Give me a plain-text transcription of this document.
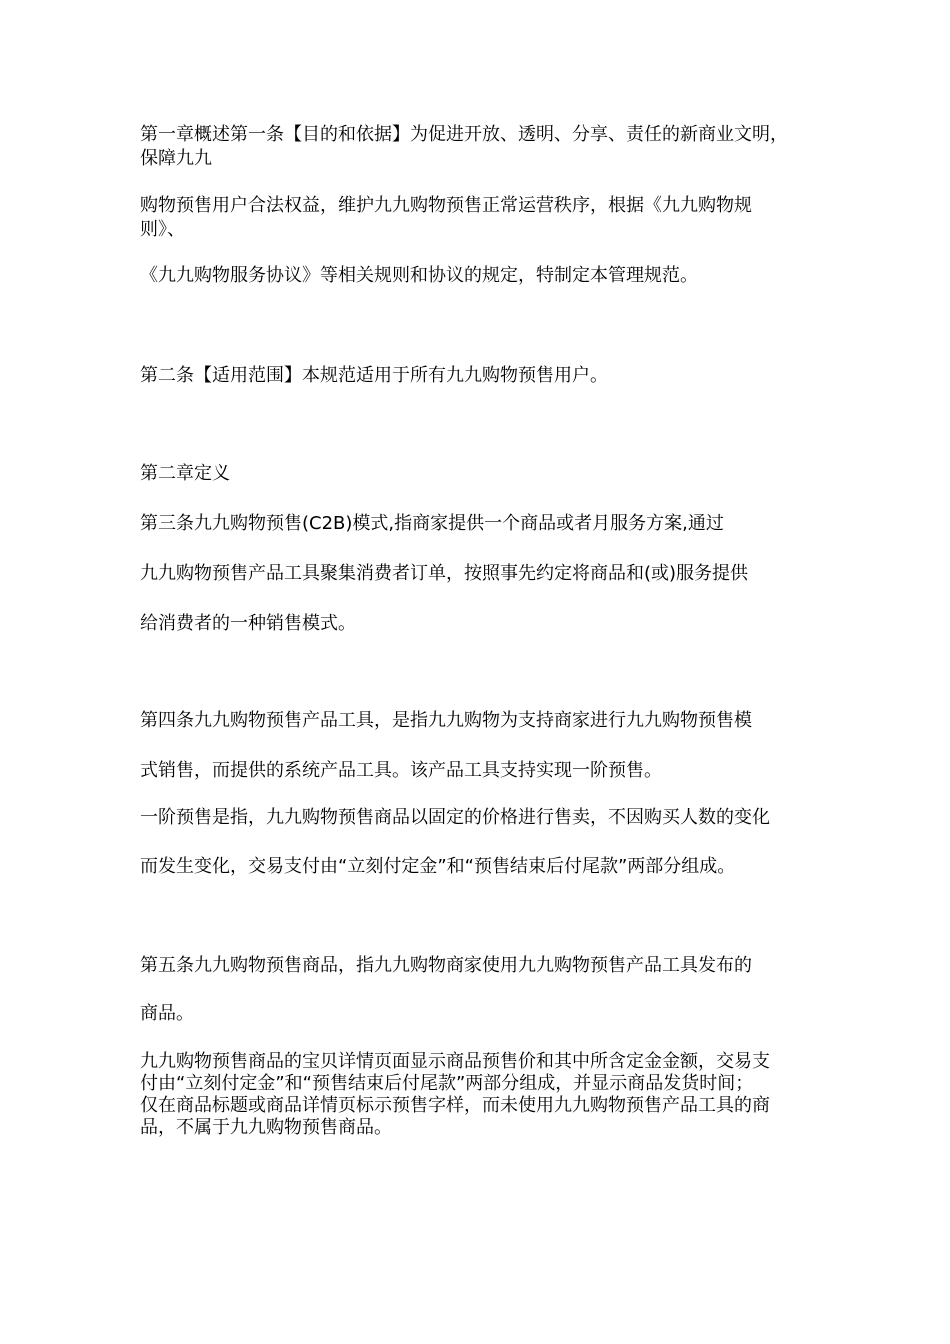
第一章概述第一条【目的和依据】为促进开放、透明、分享、责任的新商业文明，
保障九九
购物预售用户合法权益，维护九九购物预售正常运营秩序，根据《九九购物规
则》、
《九九购物服务协议》等相关规则和协议的规定，特制定本管理规范。
第二条【适用范围】本规范适用于所有九九购物预售用户。
第二章定义
第三条九九购物预售(C2B)模式,指商家提供一个商品或者月服务方案,通过
九九购物预售产品工具聚集消费者订单，按照事先约定将商品和(或)服务提供
给消费者的一种销售模式。
第四条九九购物预售产品工具，是指九九购物为支持商家进行九九购物预售模
式销售，而提供的系统产品工具。该产品工具支持实现一阶预售。
一阶预售是指，九九购物预售商品以固定的价格进行售卖，不因购买人数的变化
而发生变化，交易支付由“立刻付定金”和“预售结束后付尾款”两部分组成。
第五条九九购物预售商品，指九九购物商家使用九九购物预售产品工具发布的
商品。
九九购物预售商品的宝贝详情页面显示商品预售价和其中所含定金金额，交易支
付由“立刻付定金”和“预售结束后付尾款”两部分组成，并显示商品发货时间；
仅在商品标题或商品详情页标示预售字样，而未使用九九购物预售产品工具的商
品，不属于九九购物预售商品。
